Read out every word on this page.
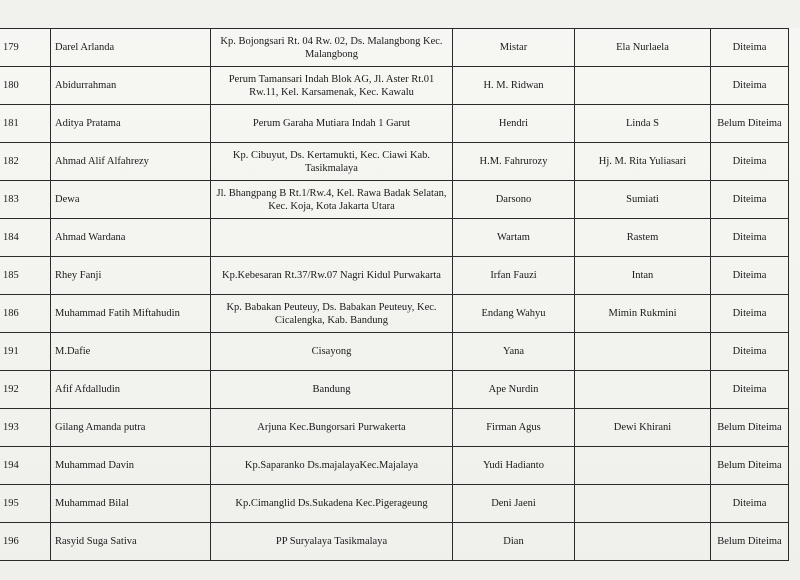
179	Darel Arlanda	Kp. Bojongsari Rt. 04 Rw. 02, Ds. Malangbong Kec. Malangbong	Mistar	Ela Nurlaela	Diteima
180	Abidurrahman	Perum Tamansari Indah Blok AG, Jl. Aster Rt.01 Rw.11, Kel. Karsamenak, Kec. Kawalu	H. M. Ridwan		Diteima
181	Aditya Pratama	Perum Garaha Mutiara Indah 1 Garut	Hendri	Linda S	Belum Diteima
182	Ahmad Alif Alfahrezy	Kp. Cibuyut, Ds. Kertamukti, Kec. Ciawi Kab. Tasikmalaya	H.M. Fahrurozy	Hj. M. Rita Yuliasari	Diteima
183	Dewa	Jl. Bhangpang B Rt.1/Rw.4, Kel. Rawa Badak Selatan, Kec. Koja, Kota Jakarta Utara	Darsono	Sumiati	Diteima
184	Ahmad Wardana		Wartam	Rastem	Diteima
185	Rhey Fanji	Kp.Kebesaran Rt.37/Rw.07 Nagri Kidul Purwakarta	Irfan Fauzi	Intan	Diteima
186	Muhammad Fatih Miftahudin	Kp. Babakan Peuteuy, Ds. Babakan Peuteuy, Kec. Cicalengka, Kab. Bandung	Endang Wahyu	Mimin Rukmini	Diteima
191	M.Dafie	Cisayong	Yana		Diteima
192	Afif Afdalludin	Bandung	Ape Nurdin		Diteima
193	Gilang Amanda putra	Arjuna Kec.Bungorsari Purwakerta	Firman Agus	Dewi Khirani	Belum Diteima
194	Muhammad Davin	Kp.Saparanko Ds.majalayaKec.Majalaya	Yudi Hadianto		Belum Diteima
195	Muhammad Bilal	Kp.Cimanglid Ds.Sukadena Kec.Pigerageung	Deni Jaeni		Diteima
196	Rasyid Suga Sativa	PP Suryalaya Tasikmalaya	Dian		Belum Diteima
